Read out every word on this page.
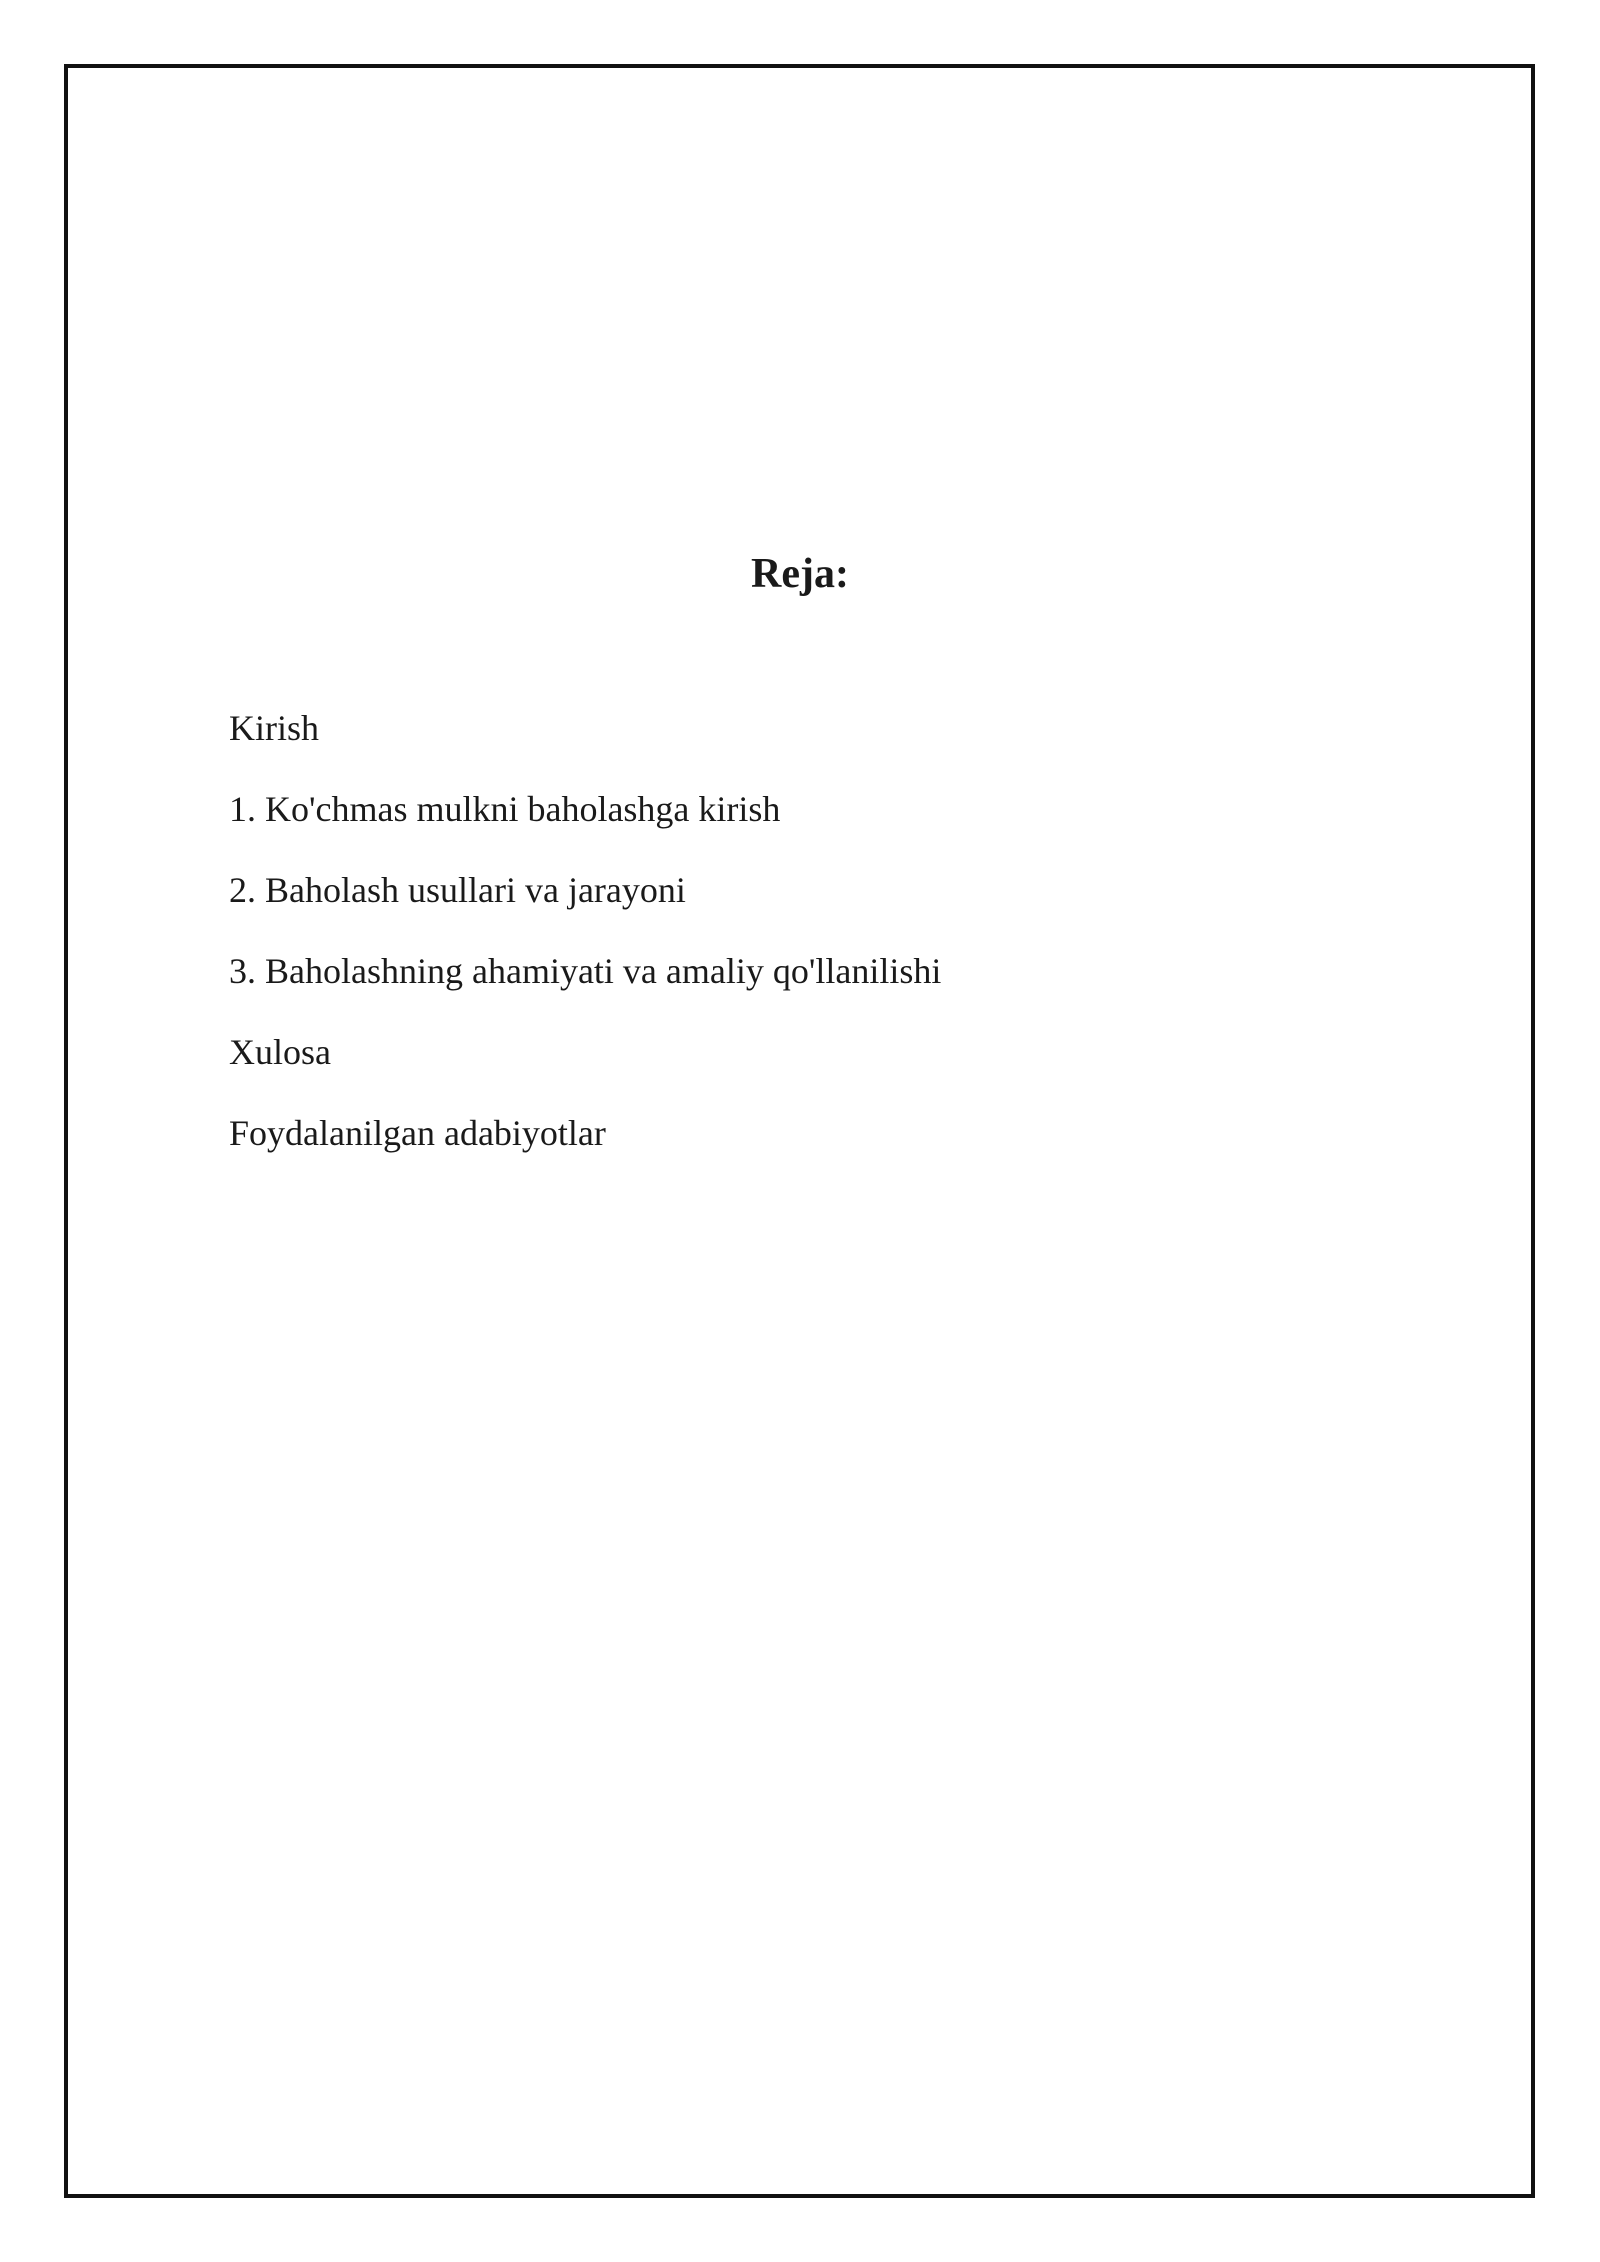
Reja:
Kirish
1. Ko'chmas mulkni baholashga kirish
2. Baholash usullari va jarayoni
3. Baholashning ahamiyati va amaliy qo'llanilishi
Xulosa
Foydalanilgan adabiyotlar
